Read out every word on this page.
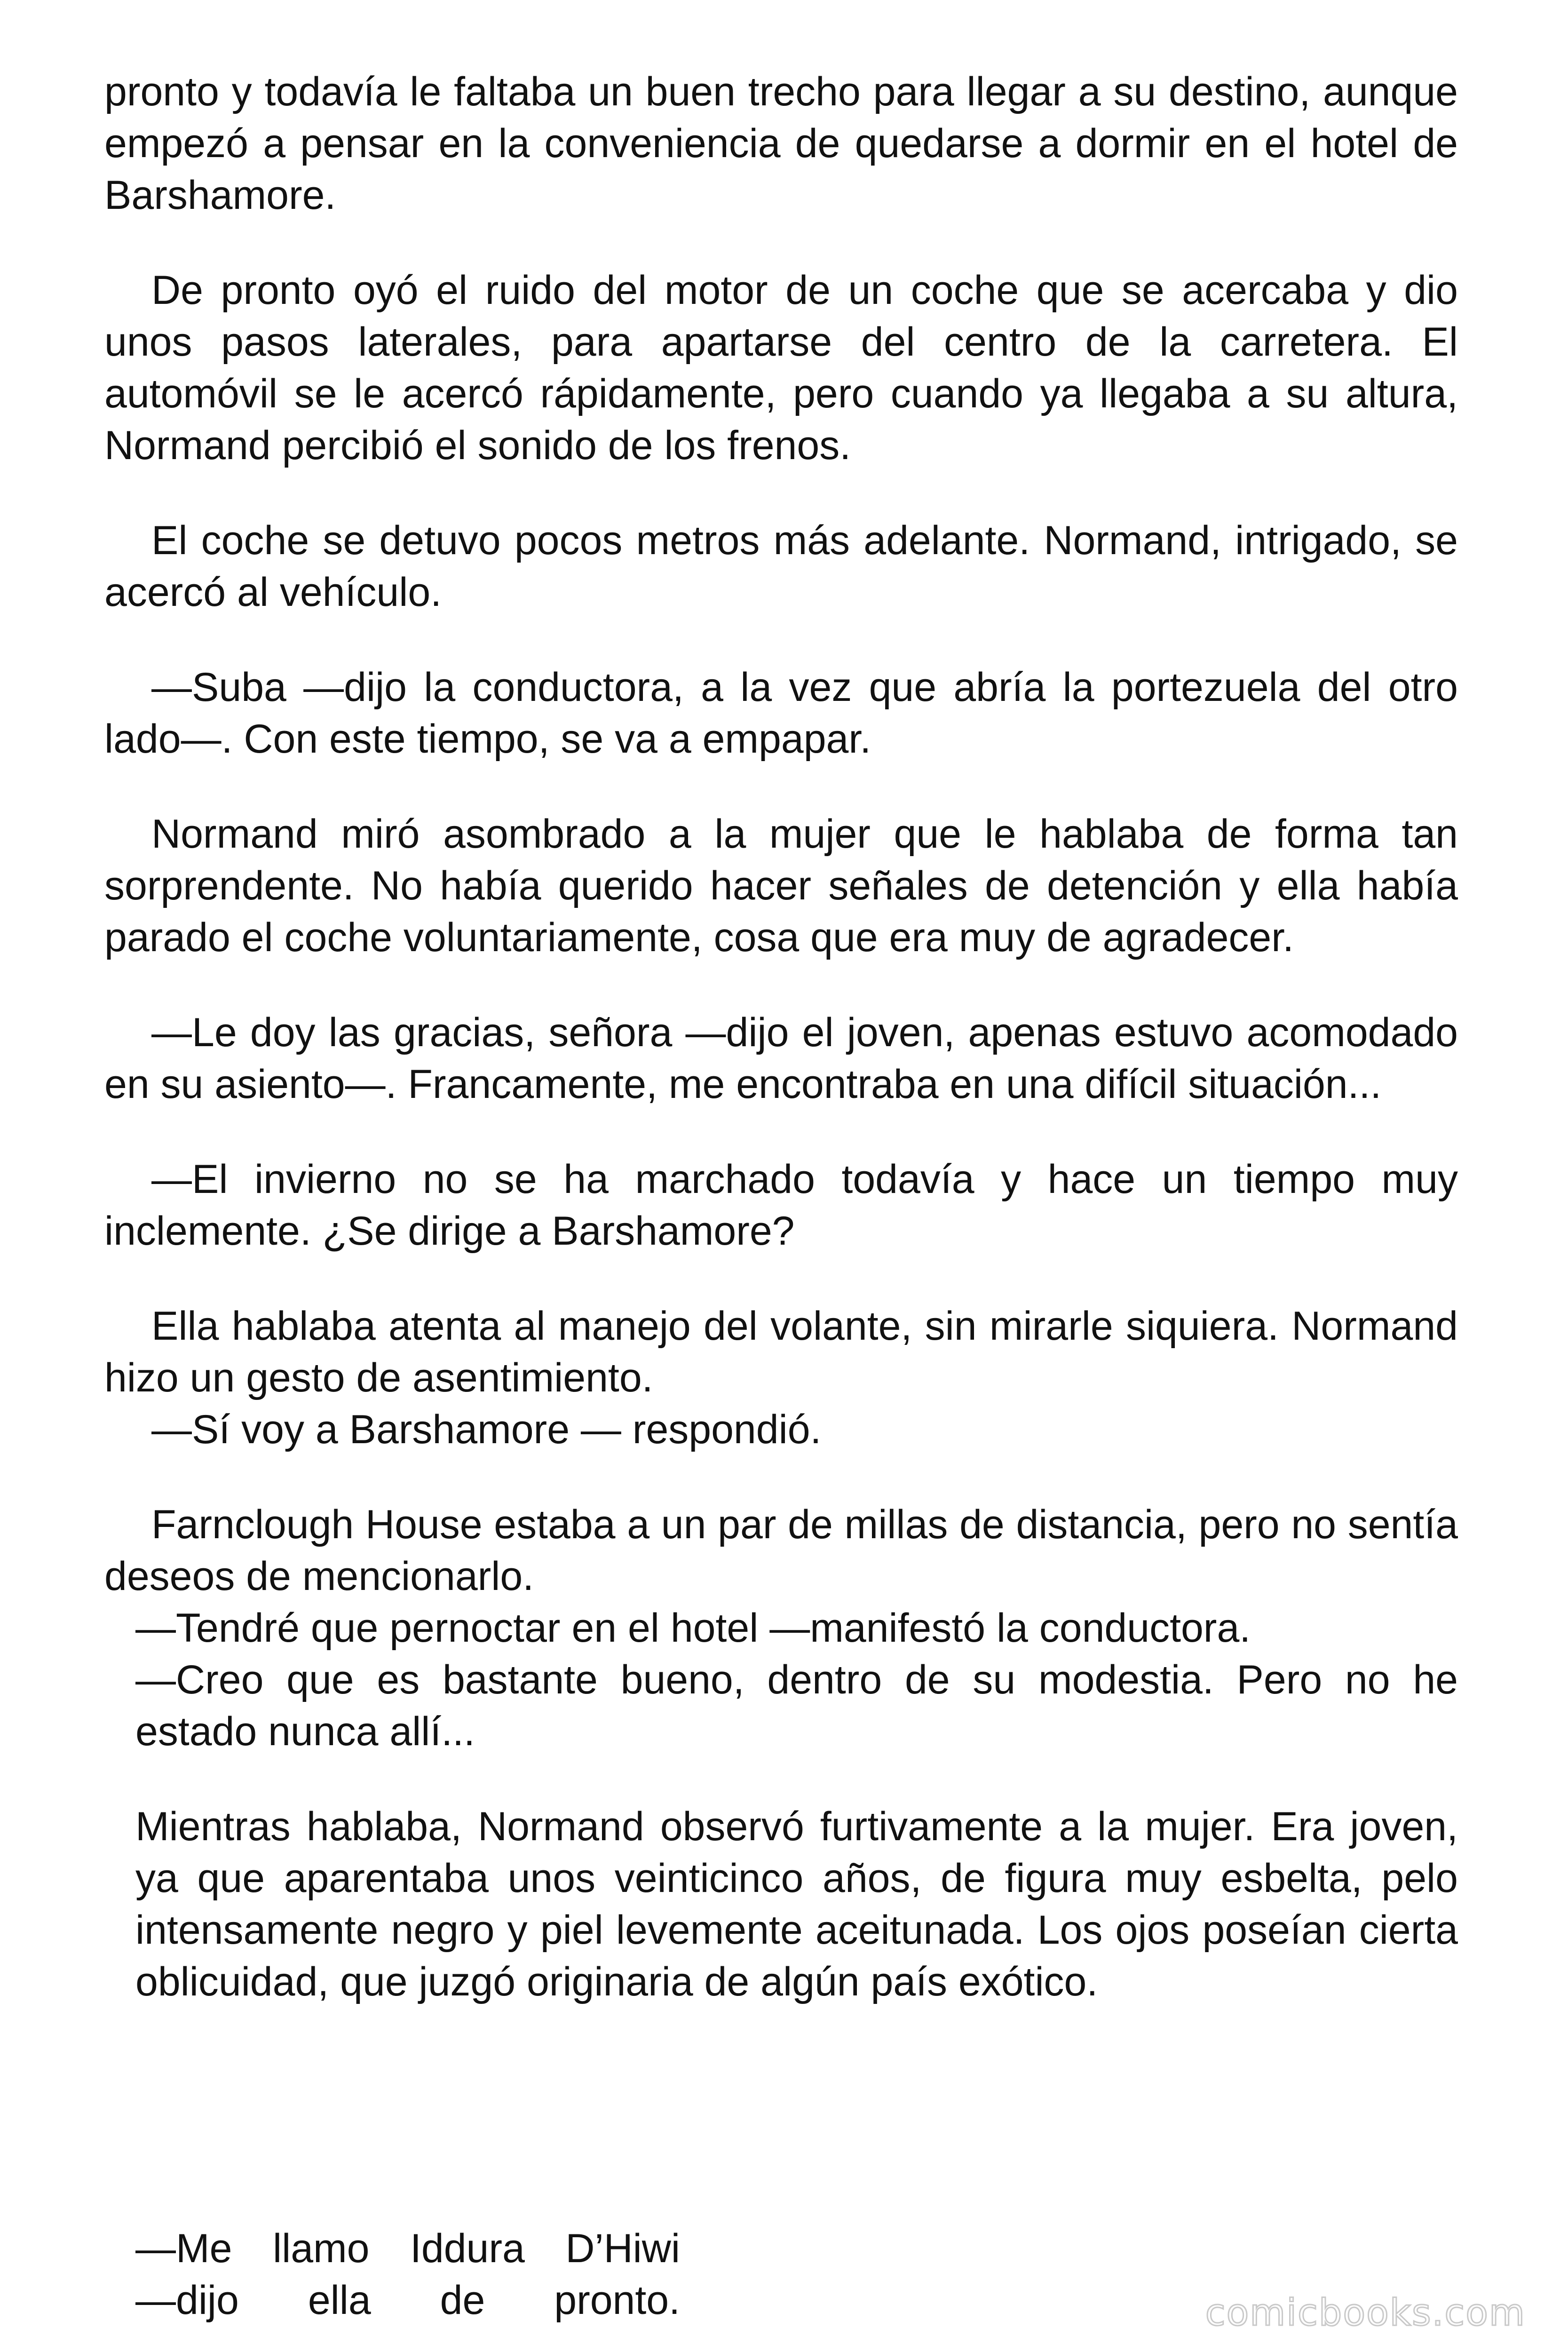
pronto y todavía le faltaba un buen trecho para llegar a su destino, aunque empezó a pensar en la conveniencia de quedarse a dormir en el hotel de Barshamore.

De pronto oyó el ruido del motor de un coche que se acercaba y dio unos pasos laterales, para apartarse del centro de la carretera. El automóvil se le acercó rápidamente, pero cuando ya llegaba a su altura, Normand percibió el sonido de los frenos.

El coche se detuvo pocos metros más adelante. Normand, intrigado, se acercó al vehículo.

—Suba —dijo la conductora, a la vez que abría la portezuela del otro lado—. Con este tiempo, se va a empapar.

Normand miró asombrado a la mujer que le hablaba de forma tan sorprendente. No había querido hacer señales de detención y ella había parado el coche voluntariamente, cosa que era muy de agradecer.

—Le doy las gracias, señora —dijo el joven, apenas estuvo acomodado en su asiento—. Francamente, me encontraba en una difícil situación...

—El invierno no se ha marchado todavía y hace un tiempo muy inclemente. ¿Se dirige a Barshamore?

Ella hablaba atenta al manejo del volante, sin mirarle siquiera. Normand hizo un gesto de asentimiento.

—Sí voy a Barshamore — respondió.

Farnclough House estaba a un par de millas de distancia, pero no sentía deseos de mencionarlo.

—Tendré que pernoctar en el hotel —manifestó la conductora.

—Creo que es bastante bueno, dentro de su modestia. Pero no he estado nunca allí...

Mientras hablaba, Normand observó furtivamente a la mujer. Era joven, ya que aparentaba unos veinticinco años, de figura muy esbelta, pelo intensamente negro y piel levemente aceitunada. Los ojos poseían cierta oblicuidad, que juzgó originaria de algún país exótico.

—Me llamo Iddura D’Hiwi

—dijo ella de pronto.	comicbooks.com
